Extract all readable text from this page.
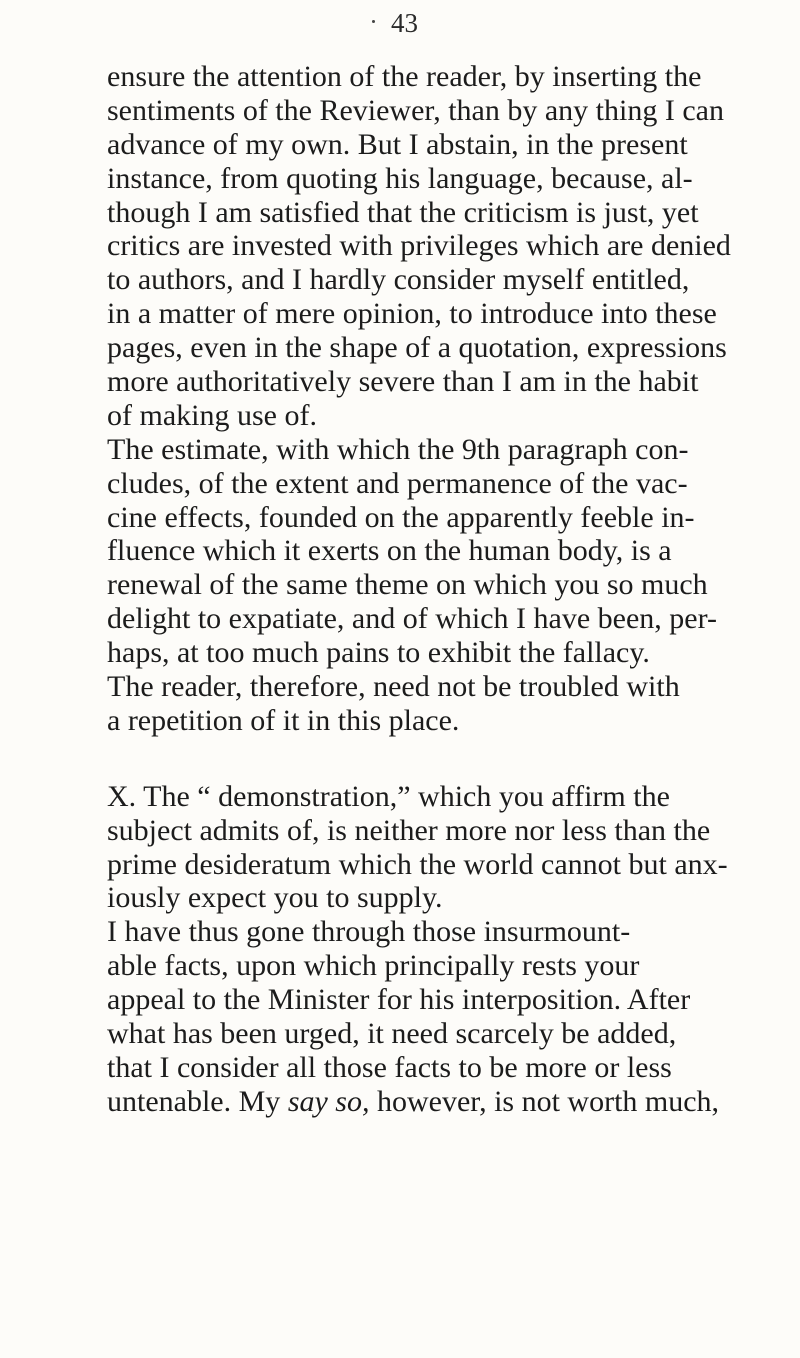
43
ensure the attention of the reader, by inserting the
sentiments of the Reviewer, than by any thing I can
advance of my own. But I abstain, in the present
instance, from quoting his language, because, al-
though I am satisfied that the criticism is just, yet
critics are invested with privileges which are denied
to authors, and I hardly consider myself entitled,
in a matter of mere opinion, to introduce into these
pages, even in the shape of a quotation, expressions
more authoritatively severe than I am in the habit
of making use of.
The estimate, with which the 9th paragraph con-
cludes, of the extent and permanence of the vac-
cine effects, founded on the apparently feeble in-
fluence which it exerts on the human body, is a
renewal of the same theme on which you so much
delight to expatiate, and of which I have been, per-
haps, at too much pains to exhibit the fallacy.
The reader, therefore, need not be troubled with
a repetition of it in this place.
X. The “ demonstration,” which you affirm the
subject admits of, is neither more nor less than the
prime desideratum which the world cannot but anx-
iously expect you to supply.
I have thus gone through those insurmount-
able facts, upon which principally rests your
appeal to the Minister for his interposition. After
what has been urged, it need scarcely be added,
that I consider all those facts to be more or less
untenable. My say so, however, is not worth much,
